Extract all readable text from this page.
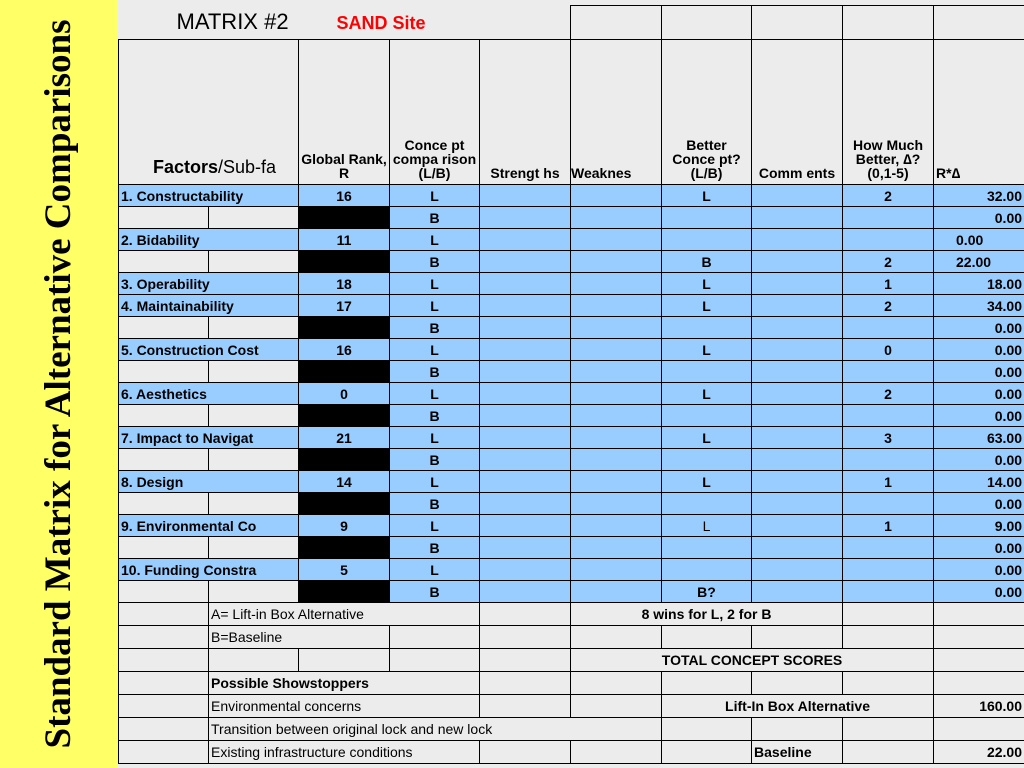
Standard Matrix for Alternative Comparisons	MATRIX #2 SAND Site									
Factors/Sub-fa		Global Rank, R	Conce pt compa rison (L/B)	Strengt hs	Weaknes	Better Conce pt? (L/B)	Comm ents	How Much Better, ∆? (0,1-5)	R*∆
1. Constructability		16	L			L		2	32.00
			B						0.00
2. Bidability		11	L						0.00
			B			B		2	22.00
3. Operability		18	L			L		1	18.00
4. Maintainability		17	L			L		2	34.00
			B						0.00
5. Construction Cost		16	L			L		0	0.00
			B						0.00
6. Aesthetics		0	L			L		2	0.00
			B						0.00
7. Impact to Navigat		21	L			L		3	63.00
			B						0.00
8. Design		14	L			L		1	14.00
			B						0.00
9. Environmental Co		9	L			L		1	9.00
			B						0.00
10. Funding Constra		5	L						0.00
			B			B?			0.00
	A= Lift-in Box Alternative				8 wins for L, 2 for B				
	B=Baseline								
					TOTAL CONCEPT SCORES				
	Possible Showstoppers								
	Environmental concerns					Lift-In Box Alternative			160.00
	Transition between original lock and new lock								
	Existing infrastructure conditions						Baseline		22.00
